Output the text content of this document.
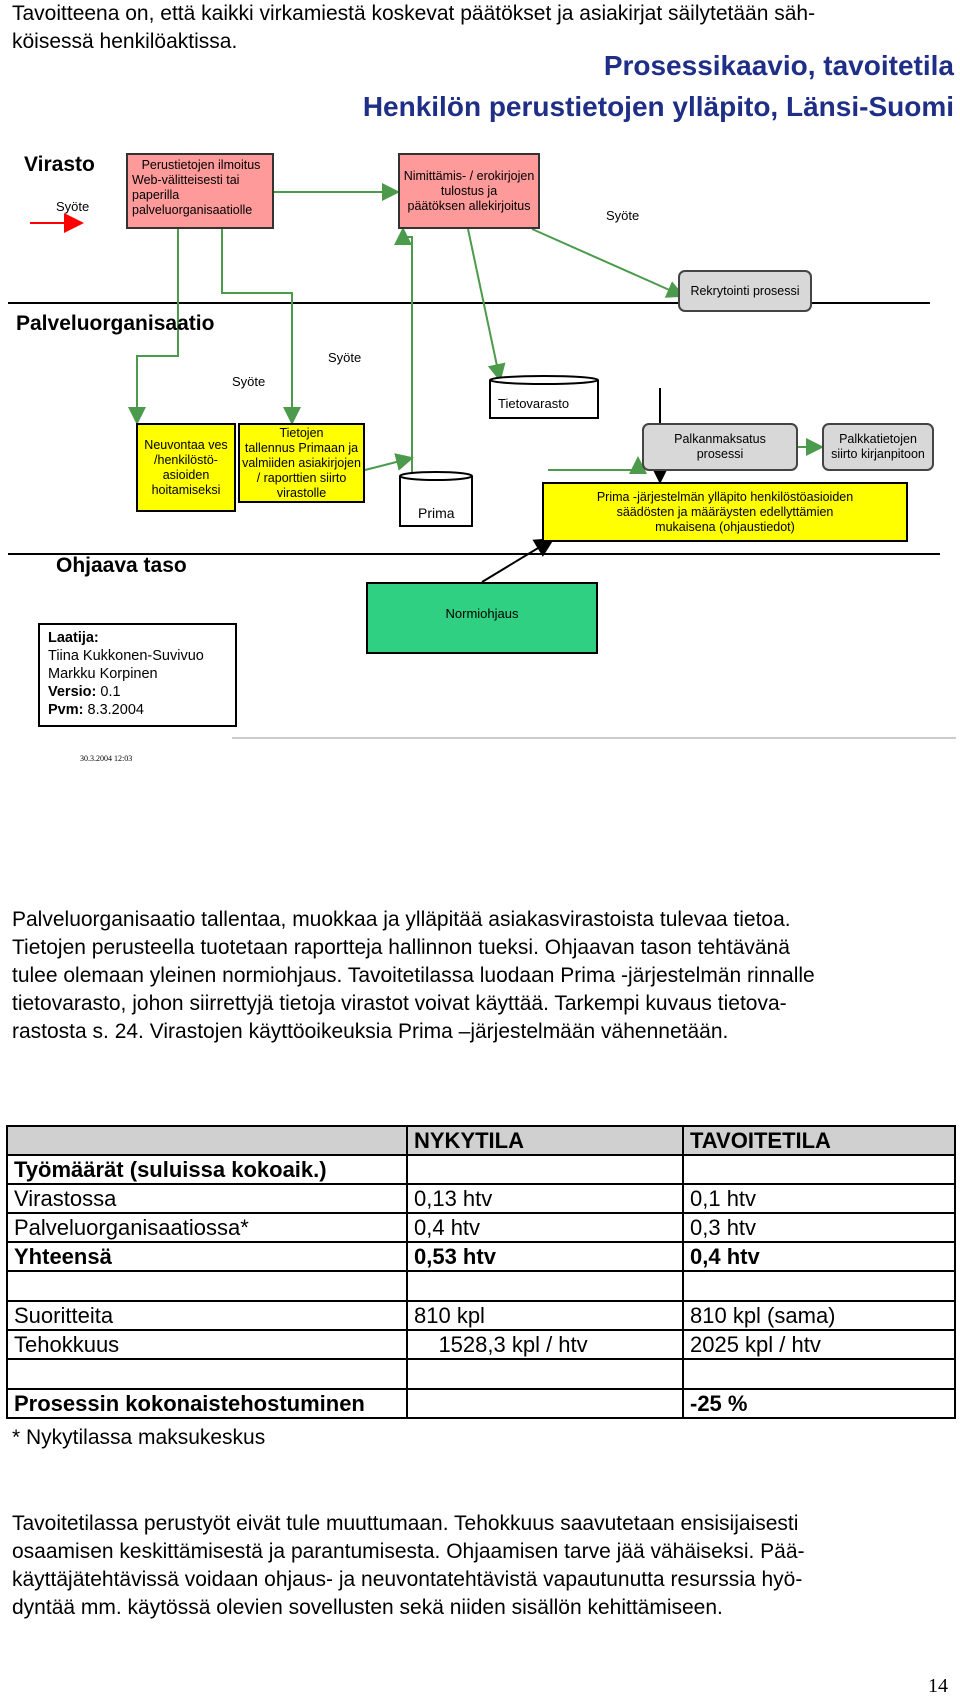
Tavoitteena on, että kaikki virkamiestä koskevat päätökset ja asiakirjat säilytetään säh-
köisessä henkilöaktissa.
Prosessikaavio, tavoitetila
Henkilön perustietojen ylläpito, Länsi-Suomi
Virasto
Palveluorganisaatio
Ohjaava taso
Syöte
Syöte
Syöte
Syöte
Tietovarasto
Prima
Perustietojen ilmoitus
Web-välitteisesti tai
paperilla
palveluorganisaatiolle
Nimittämis- / erokirjojen
tulostus ja
päätöksen allekirjoitus
Rekrytointi prosessi
Neuvontaa ves
/henkilöstö-
asioiden
hoitamiseksi
Tietojen
tallennus Primaan ja
valmiiden asiakirjojen
/ raporttien siirto
virastolle
Palkanmaksatus
prosessi
Palkkatietojen
siirto kirjanpitoon
Prima -järjestelmän ylläpito henkilöstöasioiden
säädösten ja määräysten edellyttämien
mukaisena (ohjaustiedot)
Normiohjaus
Laatija:
Tiina Kukkonen-Suvivuo
Markku Korpinen
Versio: 0.1
Pvm: 8.3.2004
30.3.2004 12:03
Palveluorganisaatio tallentaa, muokkaa ja ylläpitää asiakasvirastoista tulevaa tietoa.
Tietojen perusteella tuotetaan raportteja hallinnon tueksi. Ohjaavan tason tehtävänä
tulee olemaan yleinen normiohjaus. Tavoitetilassa luodaan Prima -järjestelmän rinnalle
tietovarasto, johon siirrettyjä tietoja virastot voivat käyttää. Tarkempi kuvaus tietova-
rastosta s. 24. Virastojen käyttöoikeuksia Prima –järjestelmään vähennetään.
	NYKYTILA	TAVOITETILA
Työmäärät (suluissa kokoaik.)		
Virastossa	0,13 htv	0,1 htv
Palveluorganisaatiossa*	0,4 htv	0,3 htv
Yhteensä	0,53 htv	0,4 htv

Suoritteita	810 kpl	810 kpl (sama)
Tehokkuus	1528,3 kpl / htv	2025 kpl / htv

Prosessin kokonaistehostuminen		-25 %
* Nykytilassa maksukeskus
Tavoitetilassa perustyöt eivät tule muuttumaan. Tehokkuus saavutetaan ensisijaisesti
osaamisen keskittämisestä ja parantumisesta. Ohjaamisen tarve jää vähäiseksi. Pää-
käyttäjätehtävissä voidaan ohjaus- ja neuvontatehtävistä vapautunutta resurssia hyö-
dyntää mm. käytössä olevien sovellusten sekä niiden sisällön kehittämiseen.
14
